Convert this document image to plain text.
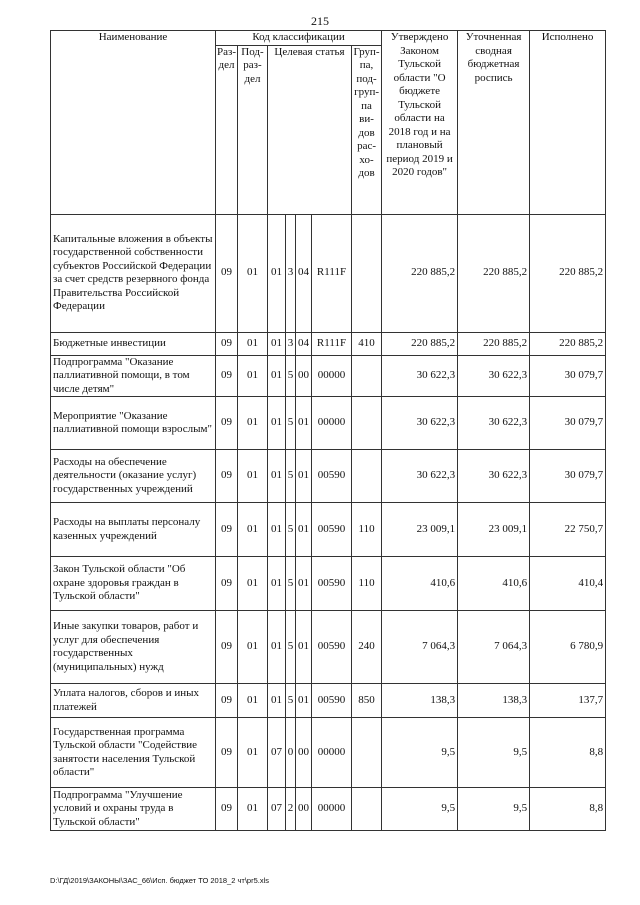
215
Наименование	Код классификации							Утверждено Законом Тульской области "О бюджете Тульской области на 2018 год и на плановый период 2019 и 2020 годов"	Уточненная сводная бюджетная роспись	Исполнено
	Раз-дел	Под-раз-дел	Целевая статья				Груп-па, под-груп-па ви-дов рас-хо-дов			
Капитальные вложения в объекты государственной собственности субъектов Российской Федерации за счет средств резервного фонда Правительства Российской Федерации	09	01	01	3	04	R111F		220 885,2	220 885,2	220 885,2
Бюджетные инвестиции	09	01	01	3	04	R111F	410	220 885,2	220 885,2	220 885,2
Подпрограмма "Оказание паллиативной помощи, в том числе детям"	09	01	01	5	00	00000		30 622,3	30 622,3	30 079,7
Мероприятие "Оказание паллиативной помощи взрослым"	09	01	01	5	01	00000		30 622,3	30 622,3	30 079,7
Расходы на обеспечение деятельности (оказание услуг) государственных учреждений	09	01	01	5	01	00590		30 622,3	30 622,3	30 079,7
Расходы на выплаты персоналу казенных учреждений	09	01	01	5	01	00590	110	23 009,1	23 009,1	22 750,7
Закон Тульской области "Об охране здоровья граждан в Тульской области"	09	01	01	5	01	00590	110	410,6	410,6	410,4
Иные закупки товаров, работ и услуг для обеспечения государственных (муниципальных) нужд	09	01	01	5	01	00590	240	7 064,3	7 064,3	6 780,9
Уплата налогов, сборов и иных платежей	09	01	01	5	01	00590	850	138,3	138,3	137,7
Государственная программа Тульской области "Содействие занятости населения Тульской области"	09	01	07	0	00	00000		9,5	9,5	8,8
Подпрограмма "Улучшение условий и охраны труда в Тульской области"	09	01	07	2	00	00000		9,5	9,5	8,8
D:\ГД\2019\ЗАКОНЫ\ЗАС_66\Исп. бюджет ТО 2018_2 чт\pr5.xls
